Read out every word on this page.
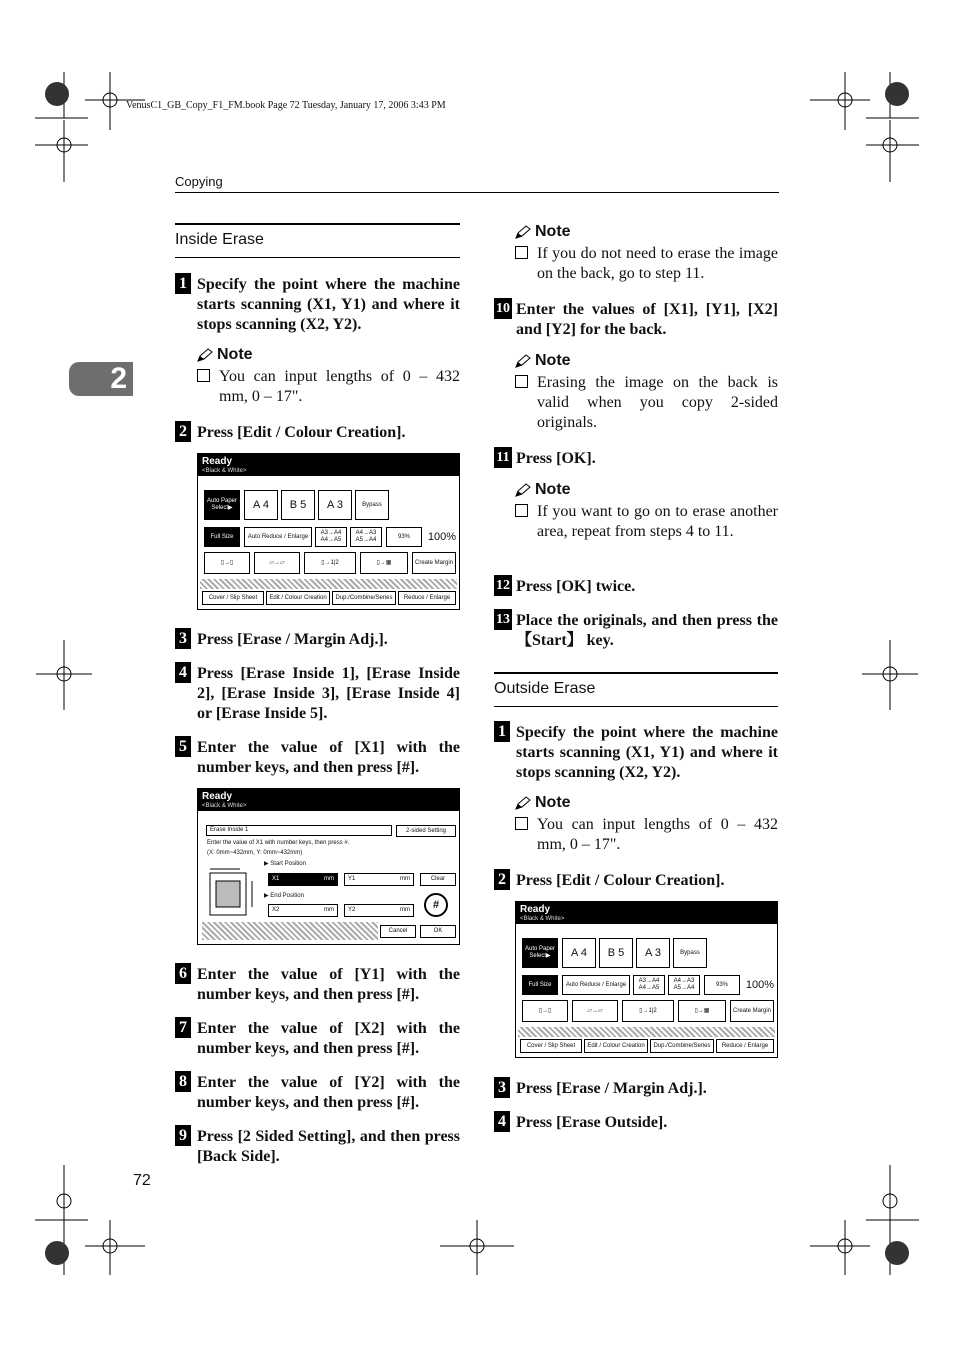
VenusC1_GB_Copy_F1_FM.book Page 72 Tuesday, January 17, 2006 3:43 PM
Copying
2
72
Inside Erase
1 Specify the point where the machine starts scanning (X1, Y1) and where it stops scanning (X2, Y2).
Note
You can input lengths of 0 – 432 mm, 0 – 17".
2 Press [Edit / Colour Creation].
Ready
<Black & White>
Auto Paper Select▶	A 4	B 5	A 3	Bypass
Full Size	Auto Reduce / Enlarge
A3→A4 A4→A5
A4→A3 A5→A4
93%	100%
▯→▯	▱→▱	▯→1|2	▯→▦	Create Margin
Cover / Slip Sheet	Edit / Colour Creation	Dup./Combine/Series	Reduce / Enlarge
3 Press [Erase / Margin Adj.].
4 Press [Erase Inside 1], [Erase Inside 2], [Erase Inside 3], [Erase Inside 4] or [Erase Inside 5].
5 Enter the value of [X1] with the number keys, and then press [#].
Ready
<Black & White>
Erase Inside 1	2-sided Setting
Enter the value of X1 with number keys, then press #.
(X: 0mm~432mm, Y: 0mm~432mm)
▶ Start Position
X1	mm	Y1	mm	Clear
▶ End Position
X2	mm	Y2	mm	#
Cancel	OK
6 Enter the value of [Y1] with the number keys, and then press [#].
7 Enter the value of [X2] with the number keys, and then press [#].
8 Enter the value of [Y2] with the number keys, and then press [#].
9 Press [2 Sided Setting], and then press [Back Side].
Note
If you do not need to erase the image on the back, go to step 11.
10 Enter the values of [X1], [Y1], [X2] and [Y2] for the back.
Note
Erasing the image on the back is valid when you copy 2-sided originals.
11 Press [OK].
Note
If you want to go on to erase another area, repeat from steps 4 to 11.
12 Press [OK] twice.
13 Place the originals, and then press the 【Start】 key.
Outside Erase
1 Specify the point where the machine starts scanning (X1, Y1) and where it stops scanning (X2, Y2).
Note
You can input lengths of 0 – 432 mm, 0 – 17".
2 Press [Edit / Colour Creation].
Ready
<Black & White>
Auto Paper Select▶	A 4	B 5	A 3	Bypass
Full Size	Auto Reduce / Enlarge
A3→A4 A4→A5
A4→A3 A5→A4
93%	100%
▯→▯	▱→▱	▯→1|2	▯→▦	Create Margin
Cover / Slip Sheet	Edit / Colour Creation	Dup./Combine/Series	Reduce / Enlarge
3 Press [Erase / Margin Adj.].
4 Press [Erase Outside].
